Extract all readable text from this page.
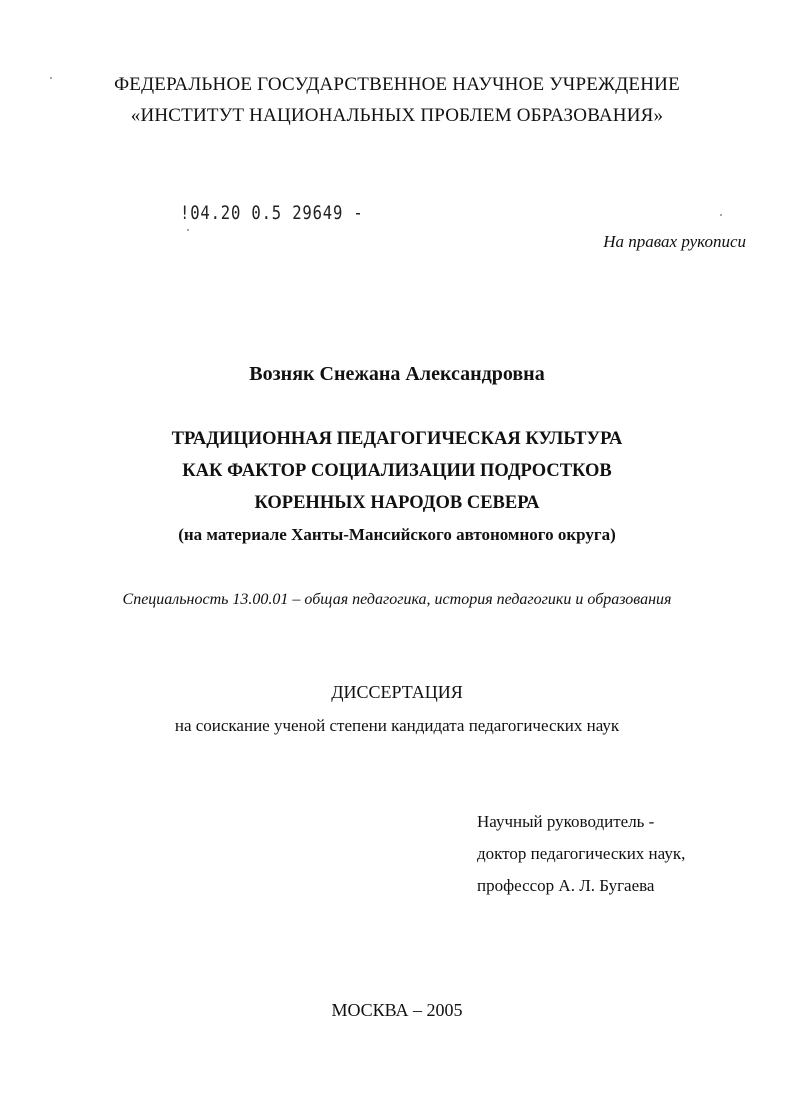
ФЕДЕРАЛЬНОЕ ГОСУДАРСТВЕННОЕ НАУЧНОЕ УЧРЕЖДЕНИЕ
«ИНСТИТУТ НАЦИОНАЛЬНЫХ ПРОБЛЕМ ОБРАЗОВАНИЯ»
!04.20 0.5 29649 -
На правах рукописи
Возняк Снежана Александровна
ТРАДИЦИОННАЯ ПЕДАГОГИЧЕСКАЯ КУЛЬТУРА
КАК ФАКТОР СОЦИАЛИЗАЦИИ ПОДРОСТКОВ
КОРЕННЫХ НАРОДОВ СЕВЕРА
(на материале Ханты-Мансийского автономного округа)
Специальность 13.00.01 – общая педагогика, история педагогики и образования
ДИССЕРТАЦИЯ
на соискание ученой степени кандидата педагогических наук
Научный руководитель -
доктор педагогических наук,
профессор А. Л. Бугаева
МОСКВА – 2005
